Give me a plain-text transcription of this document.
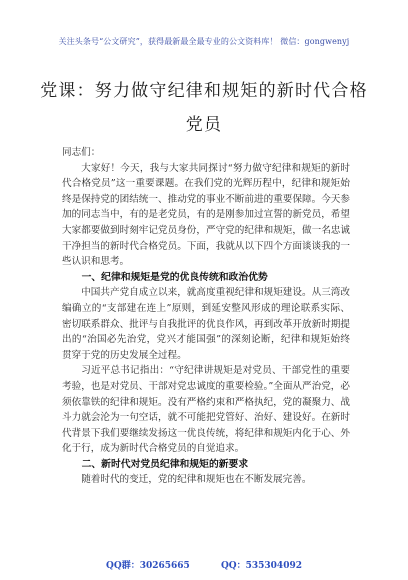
关注头条号“公文研究”，获得最新最全最专业的公文资料库！ 微信：gongwenyj
党课：努力做守纪律和规矩的新时代合格
党员

同志们：

大家好！今天，我与大家共同探讨“努力做守纪律和规矩的新时代合格党员”这一重要课题。在我们党的光辉历程中，纪律和规矩始终是保持党的团结统一、推动党的事业不断前进的重要保障。今天参加的同志当中，有的是老党员，有的是刚参加过宣誓的新党员，希望大家都要做到时刻牢记党员身份，严守党的纪律和规矩，做一名忠诚干净担当的新时代合格党员。下面，我就从以下四个方面谈谈我的一些认识和思考。

一、纪律和规矩是党的优良传统和政治优势

中国共产党自成立以来，就高度重视纪律和规矩建设。从三湾改编确立的“支部建在连上”原则，到延安整风形成的理论联系实际、密切联系群众、批评与自我批评的优良作风，再到改革开放新时期提出的“治国必先治党，党兴才能国强”的深刻论断，纪律和规矩始终贯穿于党的历史发展全过程。

习近平总书记指出：“守纪律讲规矩是对党员、干部党性的重要考验，也是对党员、干部对党忠诚度的重要检验。”全面从严治党，必须依靠铁的纪律和规矩。没有严格约束和严格执纪，党的凝聚力、战斗力就会沦为一句空话，就不可能把党管好、治好、建设好。在新时代背景下我们要继续发扬这一优良传统，将纪律和规矩内化于心、外化于行，成为新时代合格党员的自觉追求。

二、新时代对党员纪律和规矩的新要求

随着时代的变迁，党的纪律和规矩也在不断发展完善。

QQ群：30265665	QQ：535304092
